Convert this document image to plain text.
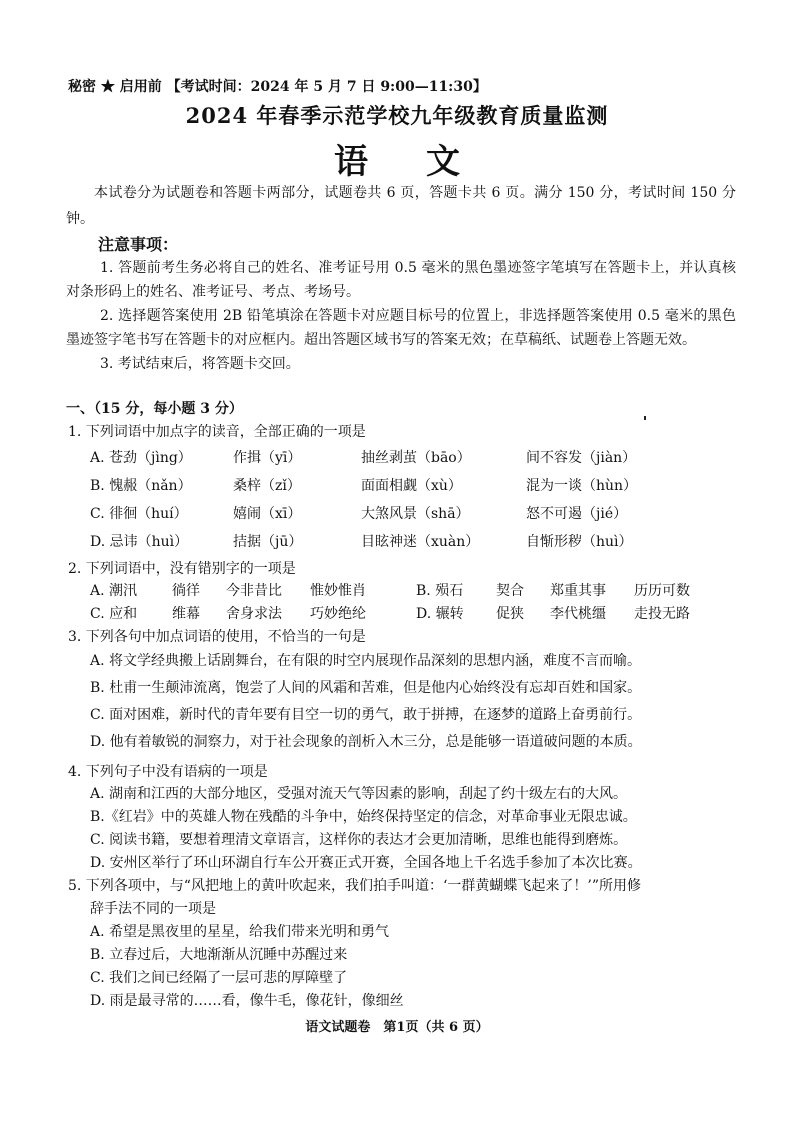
秘密 ★ 启用前 【考试时间：2024 年 5 月 7 日 9:00—11:30】
2024 年春季示范学校九年级教育质量监测
语文
本试卷分为试题卷和答题卡两部分，试题卷共 6 页，答题卡共 6 页。满分 150 分，考试时间 150 分钟。
注意事项：
1. 答题前考生务必将自己的姓名、准考证号用 0.5 毫米的黑色墨迹签字笔填写在答题卡上，并认真核对条形码上的姓名、准考证号、考点、考场号。
2. 选择题答案使用 2B 铅笔填涂在答题卡对应题目标号的位置上，非选择题答案使用 0.5 毫米的黑色墨迹签字笔书写在答题卡的对应框内。超出答题区域书写的答案无效；在草稿纸、试题卷上答题无效。
3. 考试结束后，将答题卡交回。
一、（15 分，每小题 3 分）
1. 下列词语中加点字的读音，全部正确的一项是
A. 苍劲（jìng）	作揖（yī）	抽丝剥茧（bāo）	间不容发（jiàn）
B. 愧赧（nǎn）	桑梓（zǐ）	面面相觑（xù）	混为一谈（hùn）
C. 徘徊（huí）	嬉闹（xī）	大煞风景（shā）	怒不可遏（jié）
D. 忌讳（huì）	拮据（jū）	目眩神迷（xuàn）	自惭形秽（huì）
2. 下列词语中，没有错别字的一项是
A. 潮汛 徜徉 今非昔比 惟妙惟肖	B. 殒石 契合 郑重其事 历历可数
C. 应和 维幕 舍身求法 巧妙绝纶	D. 辗转 促狭 李代桃缰 走投无路
3. 下列各句中加点词语的使用，不恰当的一句是
A. 将文学经典搬上话剧舞台，在有限的时空内展现作品深刻的思想内涵，难度不言而喻。
B. 杜甫一生颠沛流离，饱尝了人间的风霜和苦难，但是他内心始终没有忘却百姓和国家。
C. 面对困难，新时代的青年要有目空一切的勇气，敢于拼搏，在逐梦的道路上奋勇前行。
D. 他有着敏锐的洞察力，对于社会现象的剖析入木三分，总是能够一语道破问题的本质。
4. 下列句子中没有语病的一项是
A. 湖南和江西的大部分地区，受强对流天气等因素的影响，刮起了约十级左右的大风。
B.《红岩》中的英雄人物在残酷的斗争中，始终保持坚定的信念，对革命事业无限忠诚。
C. 阅读书籍，要想着理清文章语言，这样你的表达才会更加清晰，思维也能得到磨炼。
D. 安州区举行了环山环湖自行车公开赛正式开赛，全国各地上千名选手参加了本次比赛。
5. 下列各项中，与“风把地上的黄叶吹起来，我们拍手叫道：‘一群黄蝴蝶飞起来了！’”所用修
辞手法不同的一项是
A. 希望是黑夜里的星星，给我们带来光明和勇气
B. 立春过后，大地渐渐从沉睡中苏醒过来
C. 我们之间已经隔了一层可悲的厚障壁了
D. 雨是最寻常的……看，像牛毛，像花针，像细丝
语文试题卷　第1页（共 6 页）
